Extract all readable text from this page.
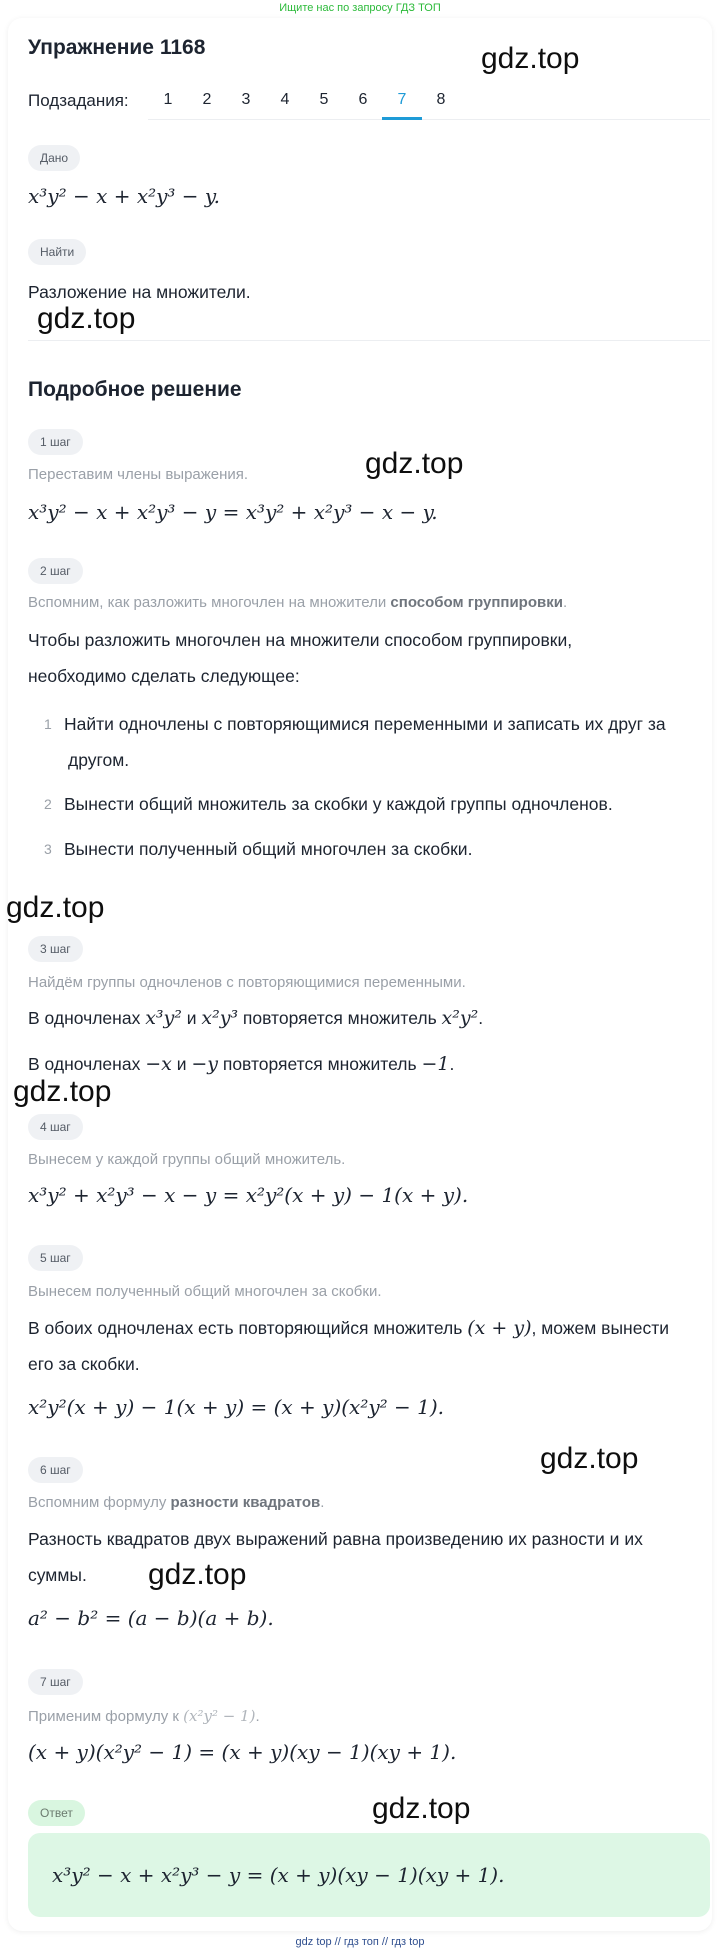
Ищите нас по запросу ГДЗ ТОП
Упражнение 1168
Подзадания:	1	2	3	4	5	6	7	8
Дано
x³y² − x + x²y³ − y.
Найти
Разложение на множители.
Подробное решение
1 шаг
Переставим члены выражения.
x³y² − x + x²y³ − y = x³y² + x²y³ − x − y.
2 шаг
Вспомним, как разложить многочлен на множители способом группировки.
Чтобы разложить многочлен на множители способом группировки,
необходимо сделать следующее:
1 Найти одночлены с повторяющимися переменными и записать их друг за
другом.
2 Вынести общий множитель за скобки у каждой группы одночленов.
3 Вынести полученный общий многочлен за скобки.
3 шаг
Найдём группы одночленов с повторяющимися переменными.
В одночленах x³y² и x²y³ повторяется множитель x²y².
В одночленах −x и −y повторяется множитель −1.
4 шаг
Вынесем у каждой группы общий множитель.
x³y² + x²y³ − x − y = x²y²(x + y) − 1(x + y).
5 шаг
Вынесем полученный общий многочлен за скобки.
В обоих одночленах есть повторяющийся множитель (x + y), можем вынести
его за скобки.
x²y²(x + y) − 1(x + y) = (x + y)(x²y² − 1).
6 шаг
Вспомним формулу разности квадратов.
Разность квадратов двух выражений равна произведению их разности и их
суммы.
a² − b² = (a − b)(a + b).
7 шаг
Применим формулу к (x²y² − 1).
(x + y)(x²y² − 1) = (x + y)(xy − 1)(xy + 1).
Ответ
x³y² − x + x²y³ − y = (x + y)(xy − 1)(xy + 1).
gdz.top
gdz.top
gdz.top
gdz.top
gdz.top
gdz.top
gdz.top
gdz.top
gdz top // гдз топ // гдз top
